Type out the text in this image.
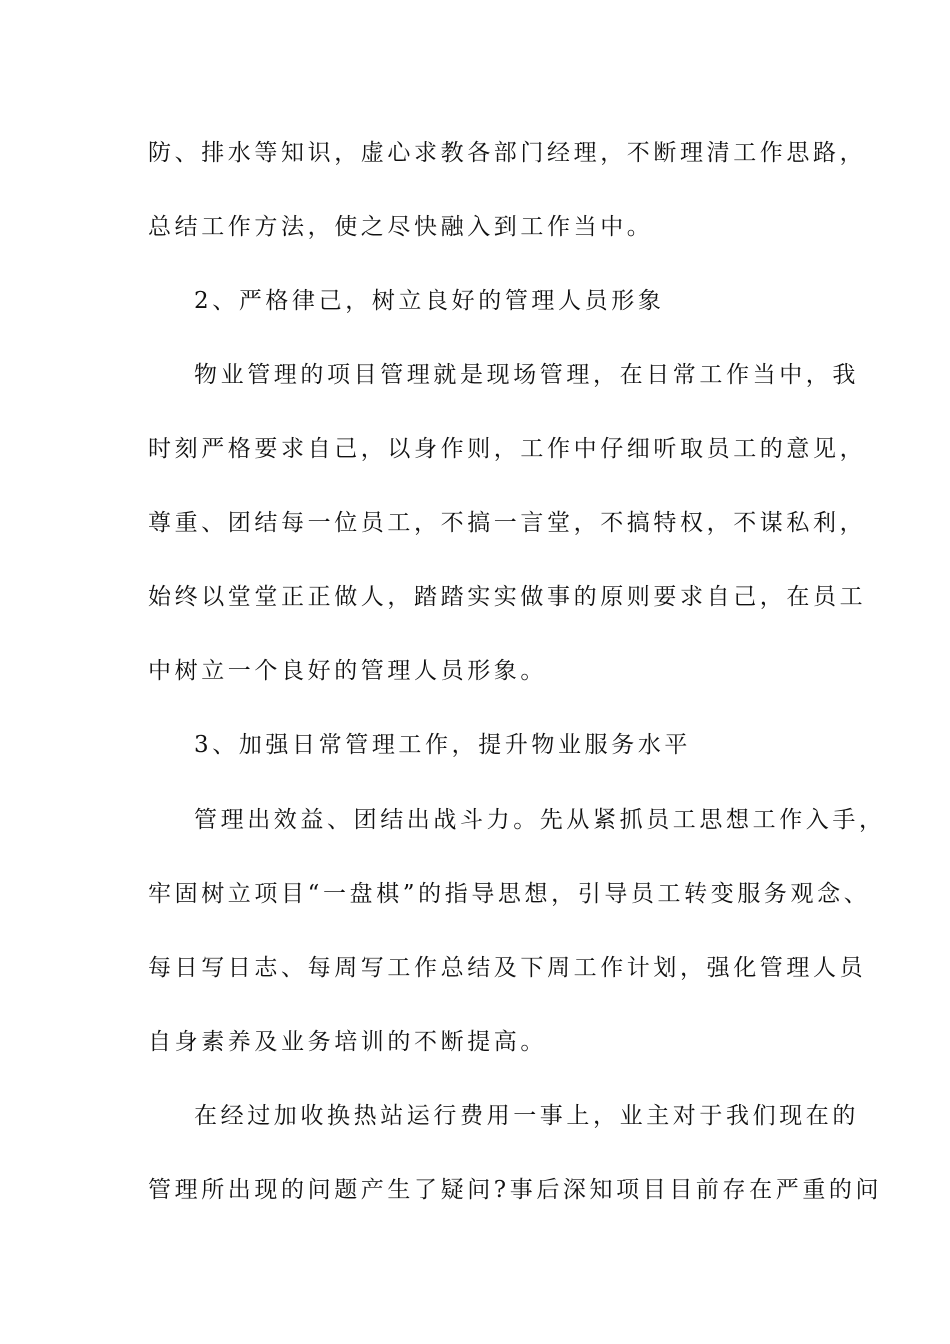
防、排水等知识，虚心求教各部门经理，不断理清工作思路，
总结工作方法，使之尽快融入到工作当中。
2、严格律己，树立良好的管理人员形象
物业管理的项目管理就是现场管理，在日常工作当中，我
时刻严格要求自己，以身作则，工作中仔细听取员工的意见，
尊重、团结每一位员工，不搞一言堂，不搞特权，不谋私利，
始终以堂堂正正做人，踏踏实实做事的原则要求自己，在员工
中树立一个良好的管理人员形象。
3、加强日常管理工作，提升物业服务水平
管理出效益、团结出战斗力。先从紧抓员工思想工作入手，
牢固树立项目“一盘棋”的指导思想，引导员工转变服务观念、
每日写日志、每周写工作总结及下周工作计划，强化管理人员
自身素养及业务培训的不断提高。
在经过加收换热站运行费用一事上，业主对于我们现在的
管理所出现的问题产生了疑问?事后深知项目目前存在严重的问
